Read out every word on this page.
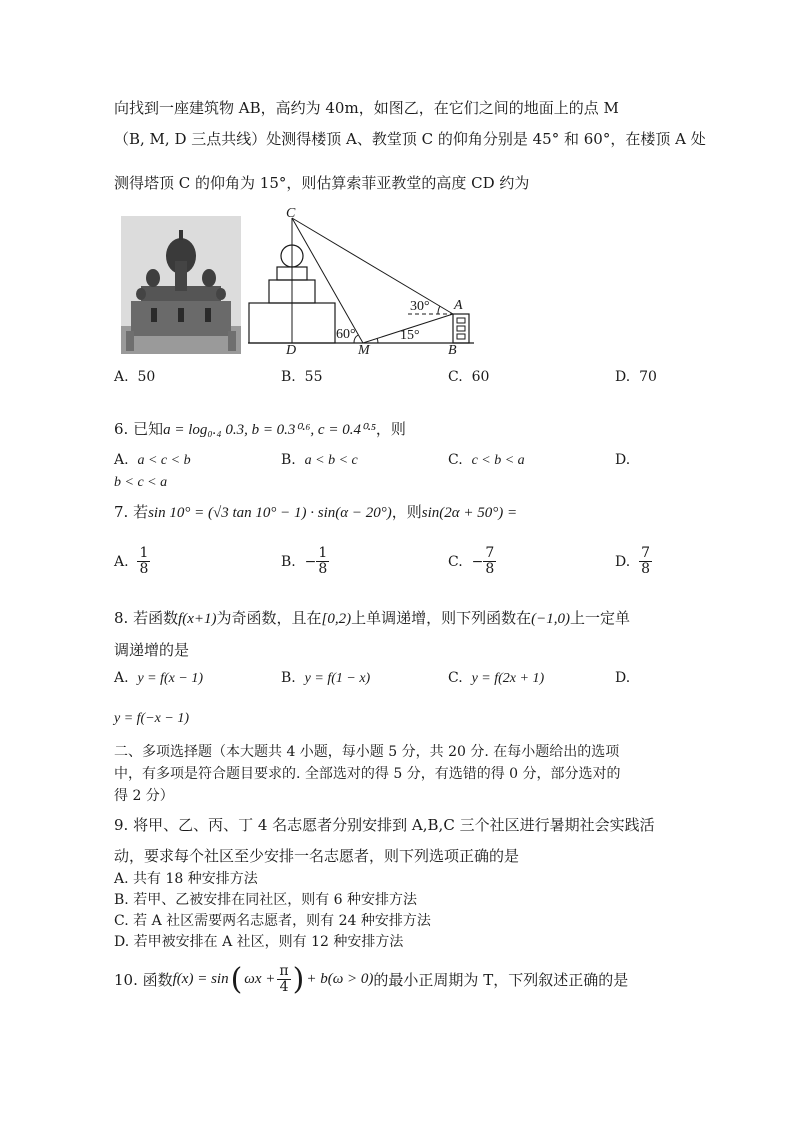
向找到一座建筑物 AB，高约为 40m，如图乙，在它们之间的地面上的点 M
（B, M, D 三点共线）处测得楼顶 A、教堂顶 C 的仰角分别是 45° 和 60°，在楼顶 A 处
测得塔顶 C 的仰角为 15°，则估算索菲亚教堂的高度 CD 约为
C
A
B
M
D
30°
60°	15°
A. 50	B. 55	C. 60	D. 70
6. 已知a = log₀.₄ 0.3, b = 0.3⁰·⁶, c = 0.4⁰·⁵，则
A. a < c < b	B. a < b < c	C. c < b < a	D.
b < c < a
7. 若sin 10° = (√3 tan 10° − 1) · sin(α − 20°)，则sin(2α + 50°) =
A. $\frac{1}{8}$	B. − $\frac{1}{8}$	C. − $\frac{7}{8}$	D. $\frac{7}{8}$
8. 若函数f(x+1)为奇函数，且在[0,2)上单调递增，则下列函数在(−1,0)上一定单
调递增的是
A. y = f(x − 1)	B. y = f(1 − x)	C. y = f(2x + 1)	D.
y = f(−x − 1)
二、多项选择题（本大题共 4 小题，每小题 5 分，共 20 分. 在每小题给出的选项
中，有多项是符合题目要求的. 全部选对的得 5 分，有选错的得 0 分，部分选对的
得 2 分）
9. 将甲、乙、丙、丁 4 名志愿者分别安排到 A,B,C 三个社区进行暑期社会实践活
动，要求每个社区至少安排一名志愿者，则下列选项正确的是
A. 共有 18 种安排方法
B. 若甲、乙被安排在同社区，则有 6 种安排方法
C. 若 A 社区需要两名志愿者，则有 24 种安排方法
D. 若甲被安排在 A 社区，则有 12 种安排方法
10. 函数 f(x) = sin ( $\omega x + \frac{\pi}{4}$ ) + b(ω > 0) 的最小正周期为 T，下列叙述正确的是
